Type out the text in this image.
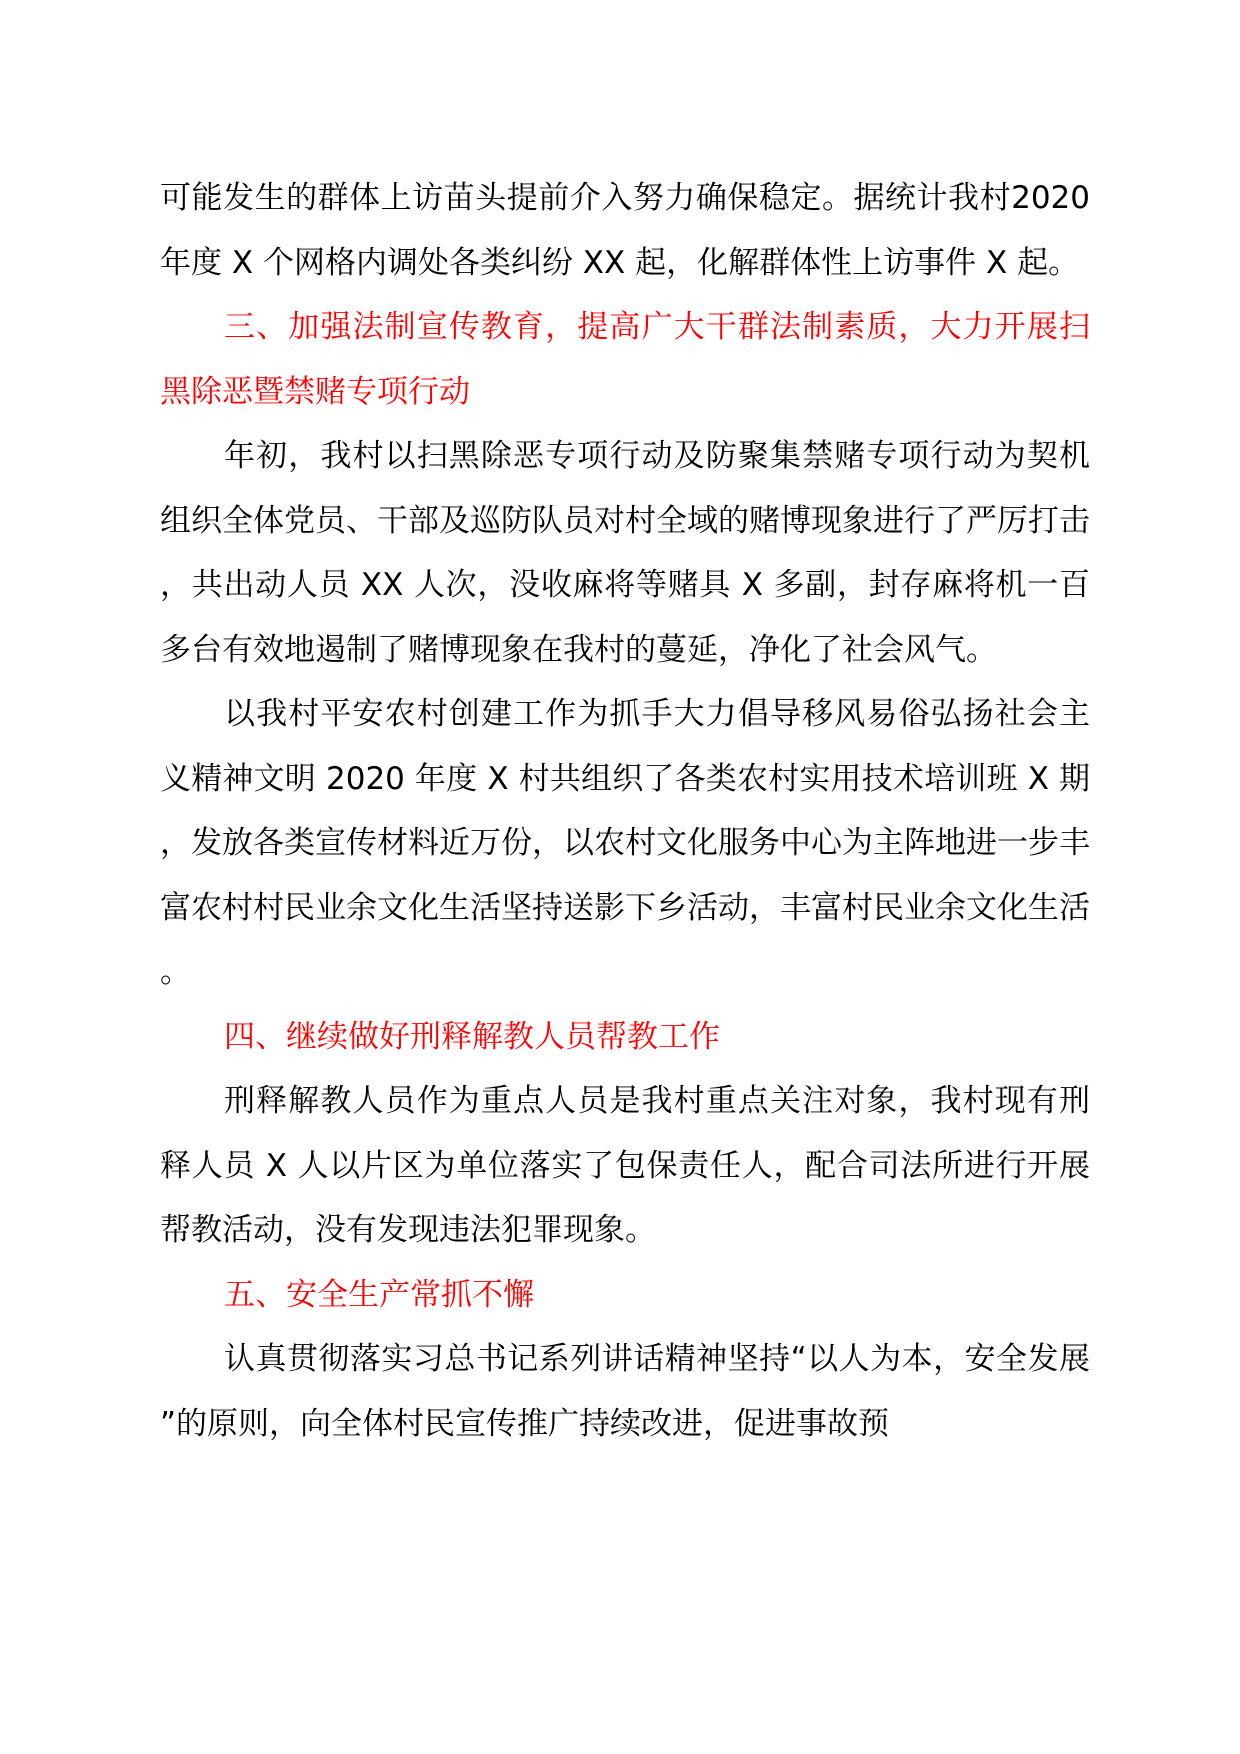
可能发生的群体上访苗头提前介入努力确保稳定。据统计我村2020 年度 X 个网格内调处各类纠纷 XX 起，化解群体性上访事件 X 起。

三、加强法制宣传教育，提高广大干群法制素质，大力开展扫黑除恶暨禁赌专项行动

年初，我村以扫黑除恶专项行动及防聚集禁赌专项行动为契机组织全体党员、干部及巡防队员对村全域的赌博现象进行了严厉打击，共出动人员 XX 人次，没收麻将等赌具 X 多副，封存麻将机一百多台有效地遏制了赌博现象在我村的蔓延，净化了社会风气。

以我村平安农村创建工作为抓手大力倡导移风易俗弘扬社会主义精神文明 2020 年度 X 村共组织了各类农村实用技术培训班 X 期，发放各类宣传材料近万份，以农村文化服务中心为主阵地进一步丰富农村村民业余文化生活坚持送影下乡活动，丰富村民业余文化生活。

四、继续做好刑释解教人员帮教工作

刑释解教人员作为重点人员是我村重点关注对象，我村现有刑释人员 X 人以片区为单位落实了包保责任人，配合司法所进行开展帮教活动，没有发现违法犯罪现象。

五、安全生产常抓不懈

认真贯彻落实习总书记系列讲话精神坚持“以人为本，安全发展”的原则，向全体村民宣传推广持续改进，促进事故预
